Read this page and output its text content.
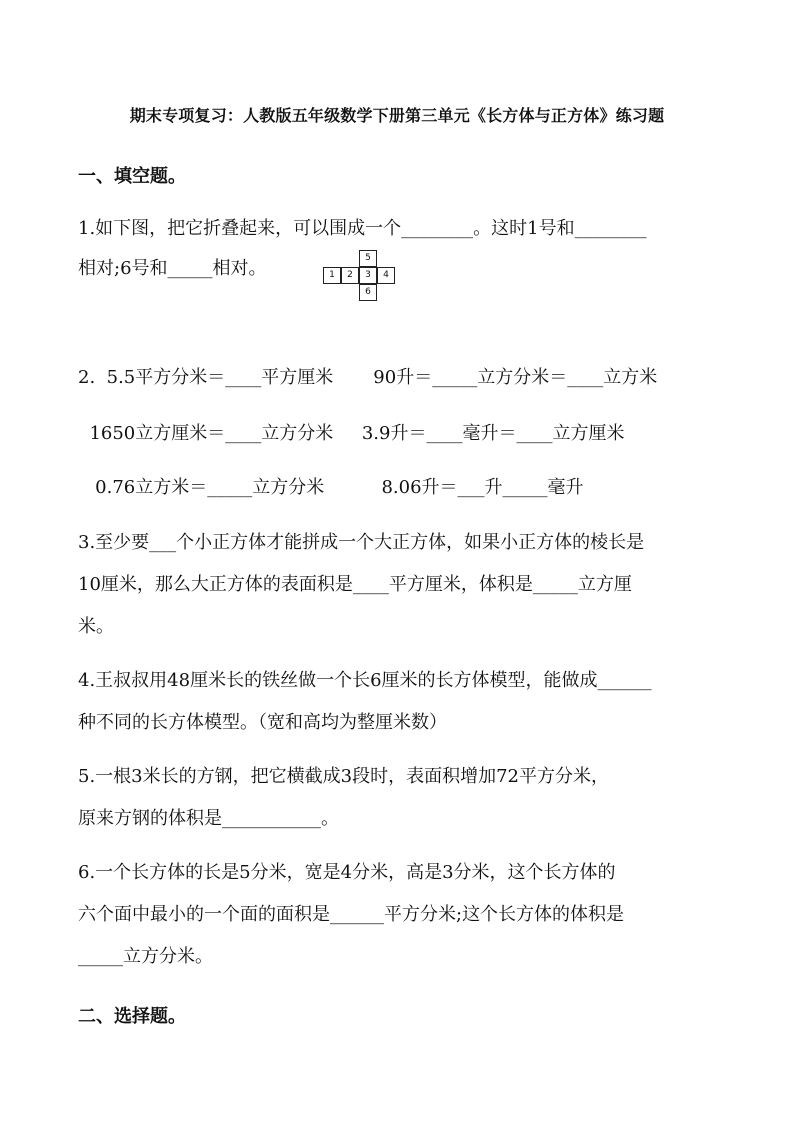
期末专项复习：人教版五年级数学下册第三单元《长方体与正方体》练习题
一、填空题。
1.如下图，把它折叠起来，可以围成一个________。这时1号和________
相对;6号和_____相对。	5
1	2	3	4
6
2.  5.5平方分米＝____平方厘米       90升＝_____立方分米＝____立方米
1650立方厘米＝____立方分米     3.9升＝____毫升＝____立方厘米
0.76立方米＝_____立方分米          8.06升＝___升_____毫升
3.至少要___个小正方体才能拼成一个大正方体，如果小正方体的棱长是
10厘米，那么大正方体的表面积是____平方厘米，体积是_____立方厘
米。
4.王叔叔用48厘米长的铁丝做一个长6厘米的长方体模型，能做成______
种不同的长方体模型。（宽和高均为整厘米数）
5.一根3米长的方钢，把它横截成3段时，表面积增加72平方分米，
原来方钢的体积是___________。
6.一个长方体的长是5分米，宽是4分米，高是3分米，这个长方体的
六个面中最小的一个面的面积是______平方分米;这个长方体的体积是
_____立方分米。
二、选择题。
